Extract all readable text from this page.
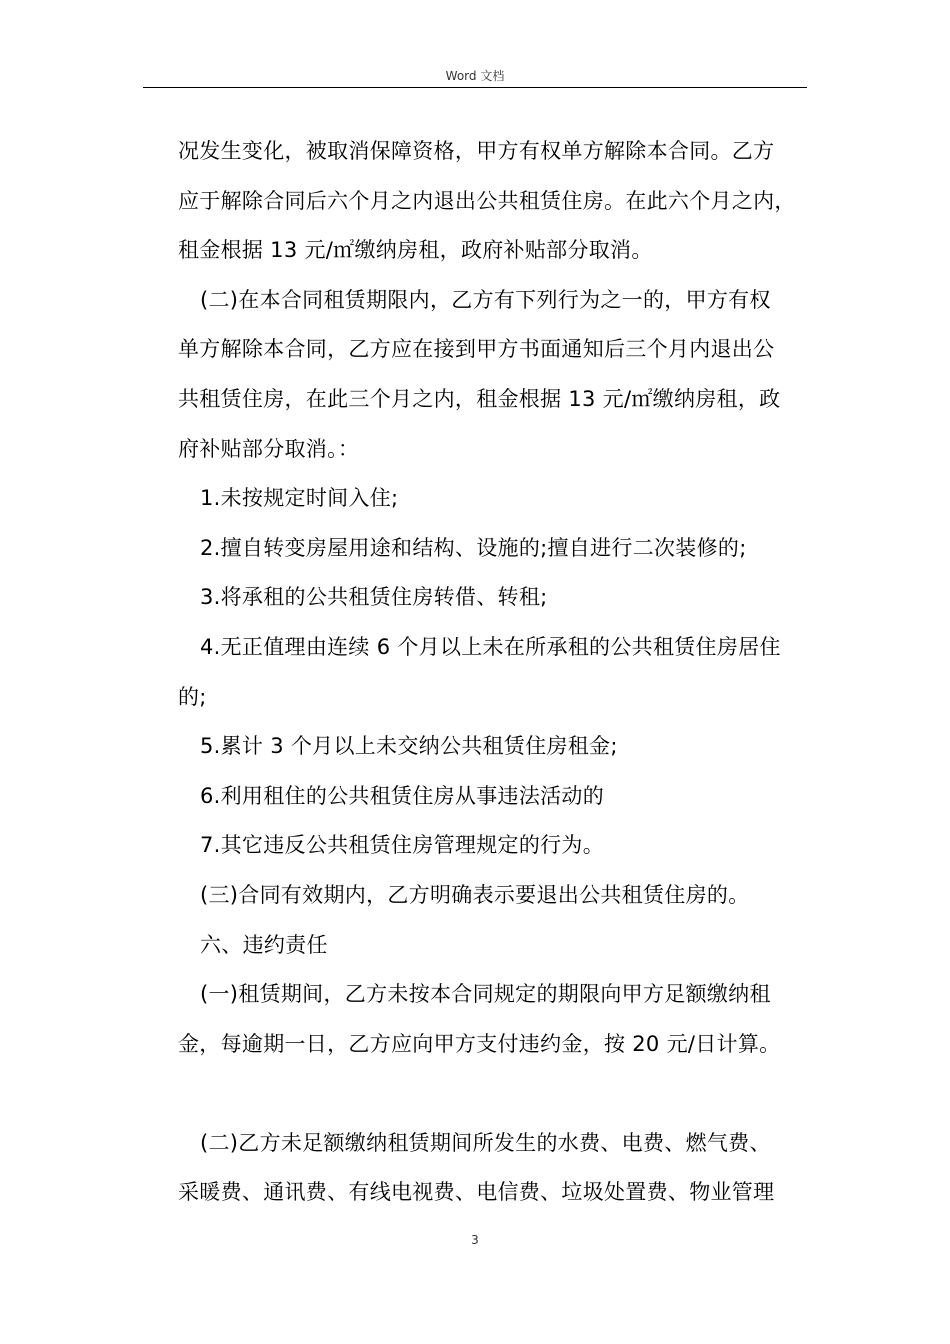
Word 文档
况发生变化，被取消保障资格，甲方有权单方解除本合同。乙方
应于解除合同后六个月之内退出公共租赁住房。在此六个月之内，
租金根据 13 元/㎡缴纳房租，政府补贴部分取消。
(二)在本合同租赁期限内，乙方有下列行为之一的，甲方有权
单方解除本合同，乙方应在接到甲方书面通知后三个月内退出公
共租赁住房，在此三个月之内，租金根据 13 元/㎡缴纳房租，政
府补贴部分取消。：
1.未按规定时间入住;
2.擅自转变房屋用途和结构、设施的;擅自进行二次装修的;
3.将承租的公共租赁住房转借、转租;
4.无正值理由连续 6 个月以上未在所承租的公共租赁住房居住
的;
5.累计 3 个月以上未交纳公共租赁住房租金;
6.利用租住的公共租赁住房从事违法活动的
7.其它违反公共租赁住房管理规定的行为。
(三)合同有效期内，乙方明确表示要退出公共租赁住房的。
六、违约责任
(一)租赁期间，乙方未按本合同规定的期限向甲方足额缴纳租
金，每逾期一日，乙方应向甲方支付违约金，按 20 元/日计算。
(二)乙方未足额缴纳租赁期间所发生的水费、电费、燃气费、
采暖费、通讯费、有线电视费、电信费、垃圾处置费、物业管理
3
